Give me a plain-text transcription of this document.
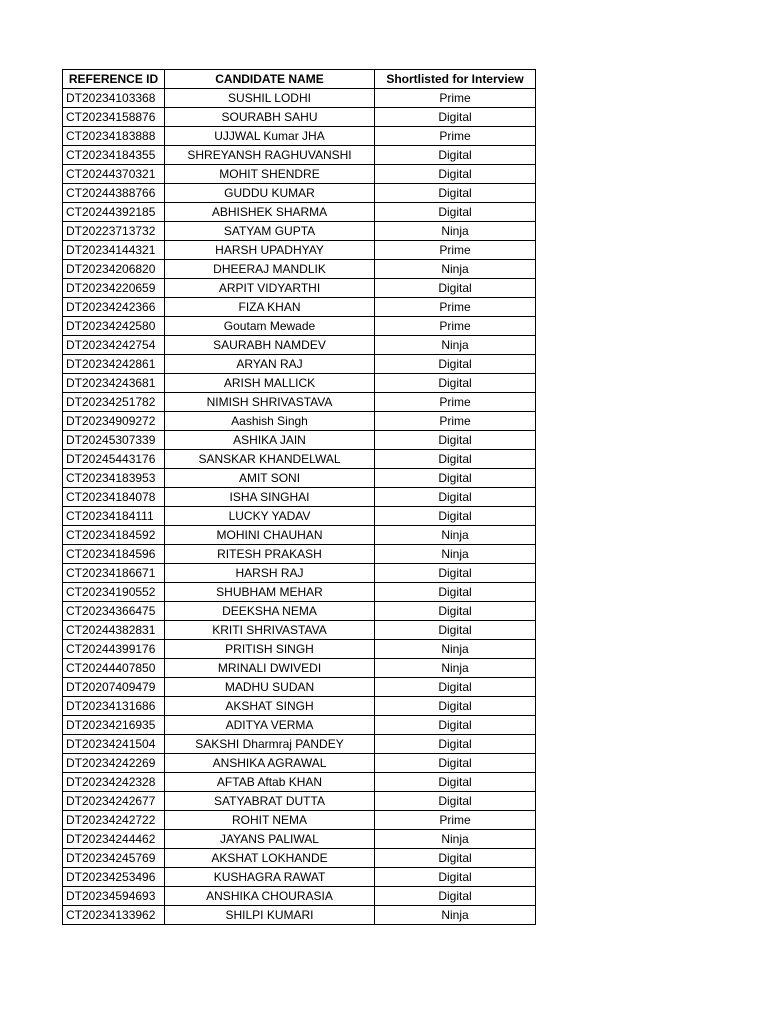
REFERENCE ID	CANDIDATE NAME	Shortlisted for Interview
DT20234103368	SUSHIL LODHI	Prime
CT20234158876	SOURABH SAHU	Digital
CT20234183888	UJJWAL Kumar JHA	Prime
CT20234184355	SHREYANSH RAGHUVANSHI	Digital
CT20244370321	MOHIT SHENDRE	Digital
CT20244388766	GUDDU KUMAR	Digital
CT20244392185	ABHISHEK SHARMA	Digital
DT20223713732	SATYAM GUPTA	Ninja
DT20234144321	HARSH UPADHYAY	Prime
DT20234206820	DHEERAJ MANDLIK	Ninja
DT20234220659	ARPIT VIDYARTHI	Digital
DT20234242366	FIZA KHAN	Prime
DT20234242580	Goutam Mewade	Prime
DT20234242754	SAURABH NAMDEV	Ninja
DT20234242861	ARYAN RAJ	Digital
DT20234243681	ARISH MALLICK	Digital
DT20234251782	NIMISH SHRIVASTAVA	Prime
DT20234909272	Aashish Singh	Prime
DT20245307339	ASHIKA JAIN	Digital
DT20245443176	SANSKAR KHANDELWAL	Digital
CT20234183953	AMIT SONI	Digital
CT20234184078	ISHA SINGHAI	Digital
CT20234184111	LUCKY YADAV	Digital
CT20234184592	MOHINI CHAUHAN	Ninja
CT20234184596	RITESH PRAKASH	Ninja
CT20234186671	HARSH RAJ	Digital
CT20234190552	SHUBHAM MEHAR	Digital
CT20234366475	DEEKSHA NEMA	Digital
CT20244382831	KRITI SHRIVASTAVA	Digital
CT20244399176	PRITISH SINGH	Ninja
CT20244407850	MRINALI DWIVEDI	Ninja
DT20207409479	MADHU SUDAN	Digital
DT20234131686	AKSHAT SINGH	Digital
DT20234216935	ADITYA VERMA	Digital
DT20234241504	SAKSHI Dharmraj PANDEY	Digital
DT20234242269	ANSHIKA AGRAWAL	Digital
DT20234242328	AFTAB Aftab KHAN	Digital
DT20234242677	SATYABRAT DUTTA	Digital
DT20234242722	ROHIT NEMA	Prime
DT20234244462	JAYANS PALIWAL	Ninja
DT20234245769	AKSHAT LOKHANDE	Digital
DT20234253496	KUSHAGRA RAWAT	Digital
DT20234594693	ANSHIKA CHOURASIA	Digital
CT20234133962	SHILPI KUMARI	Ninja
